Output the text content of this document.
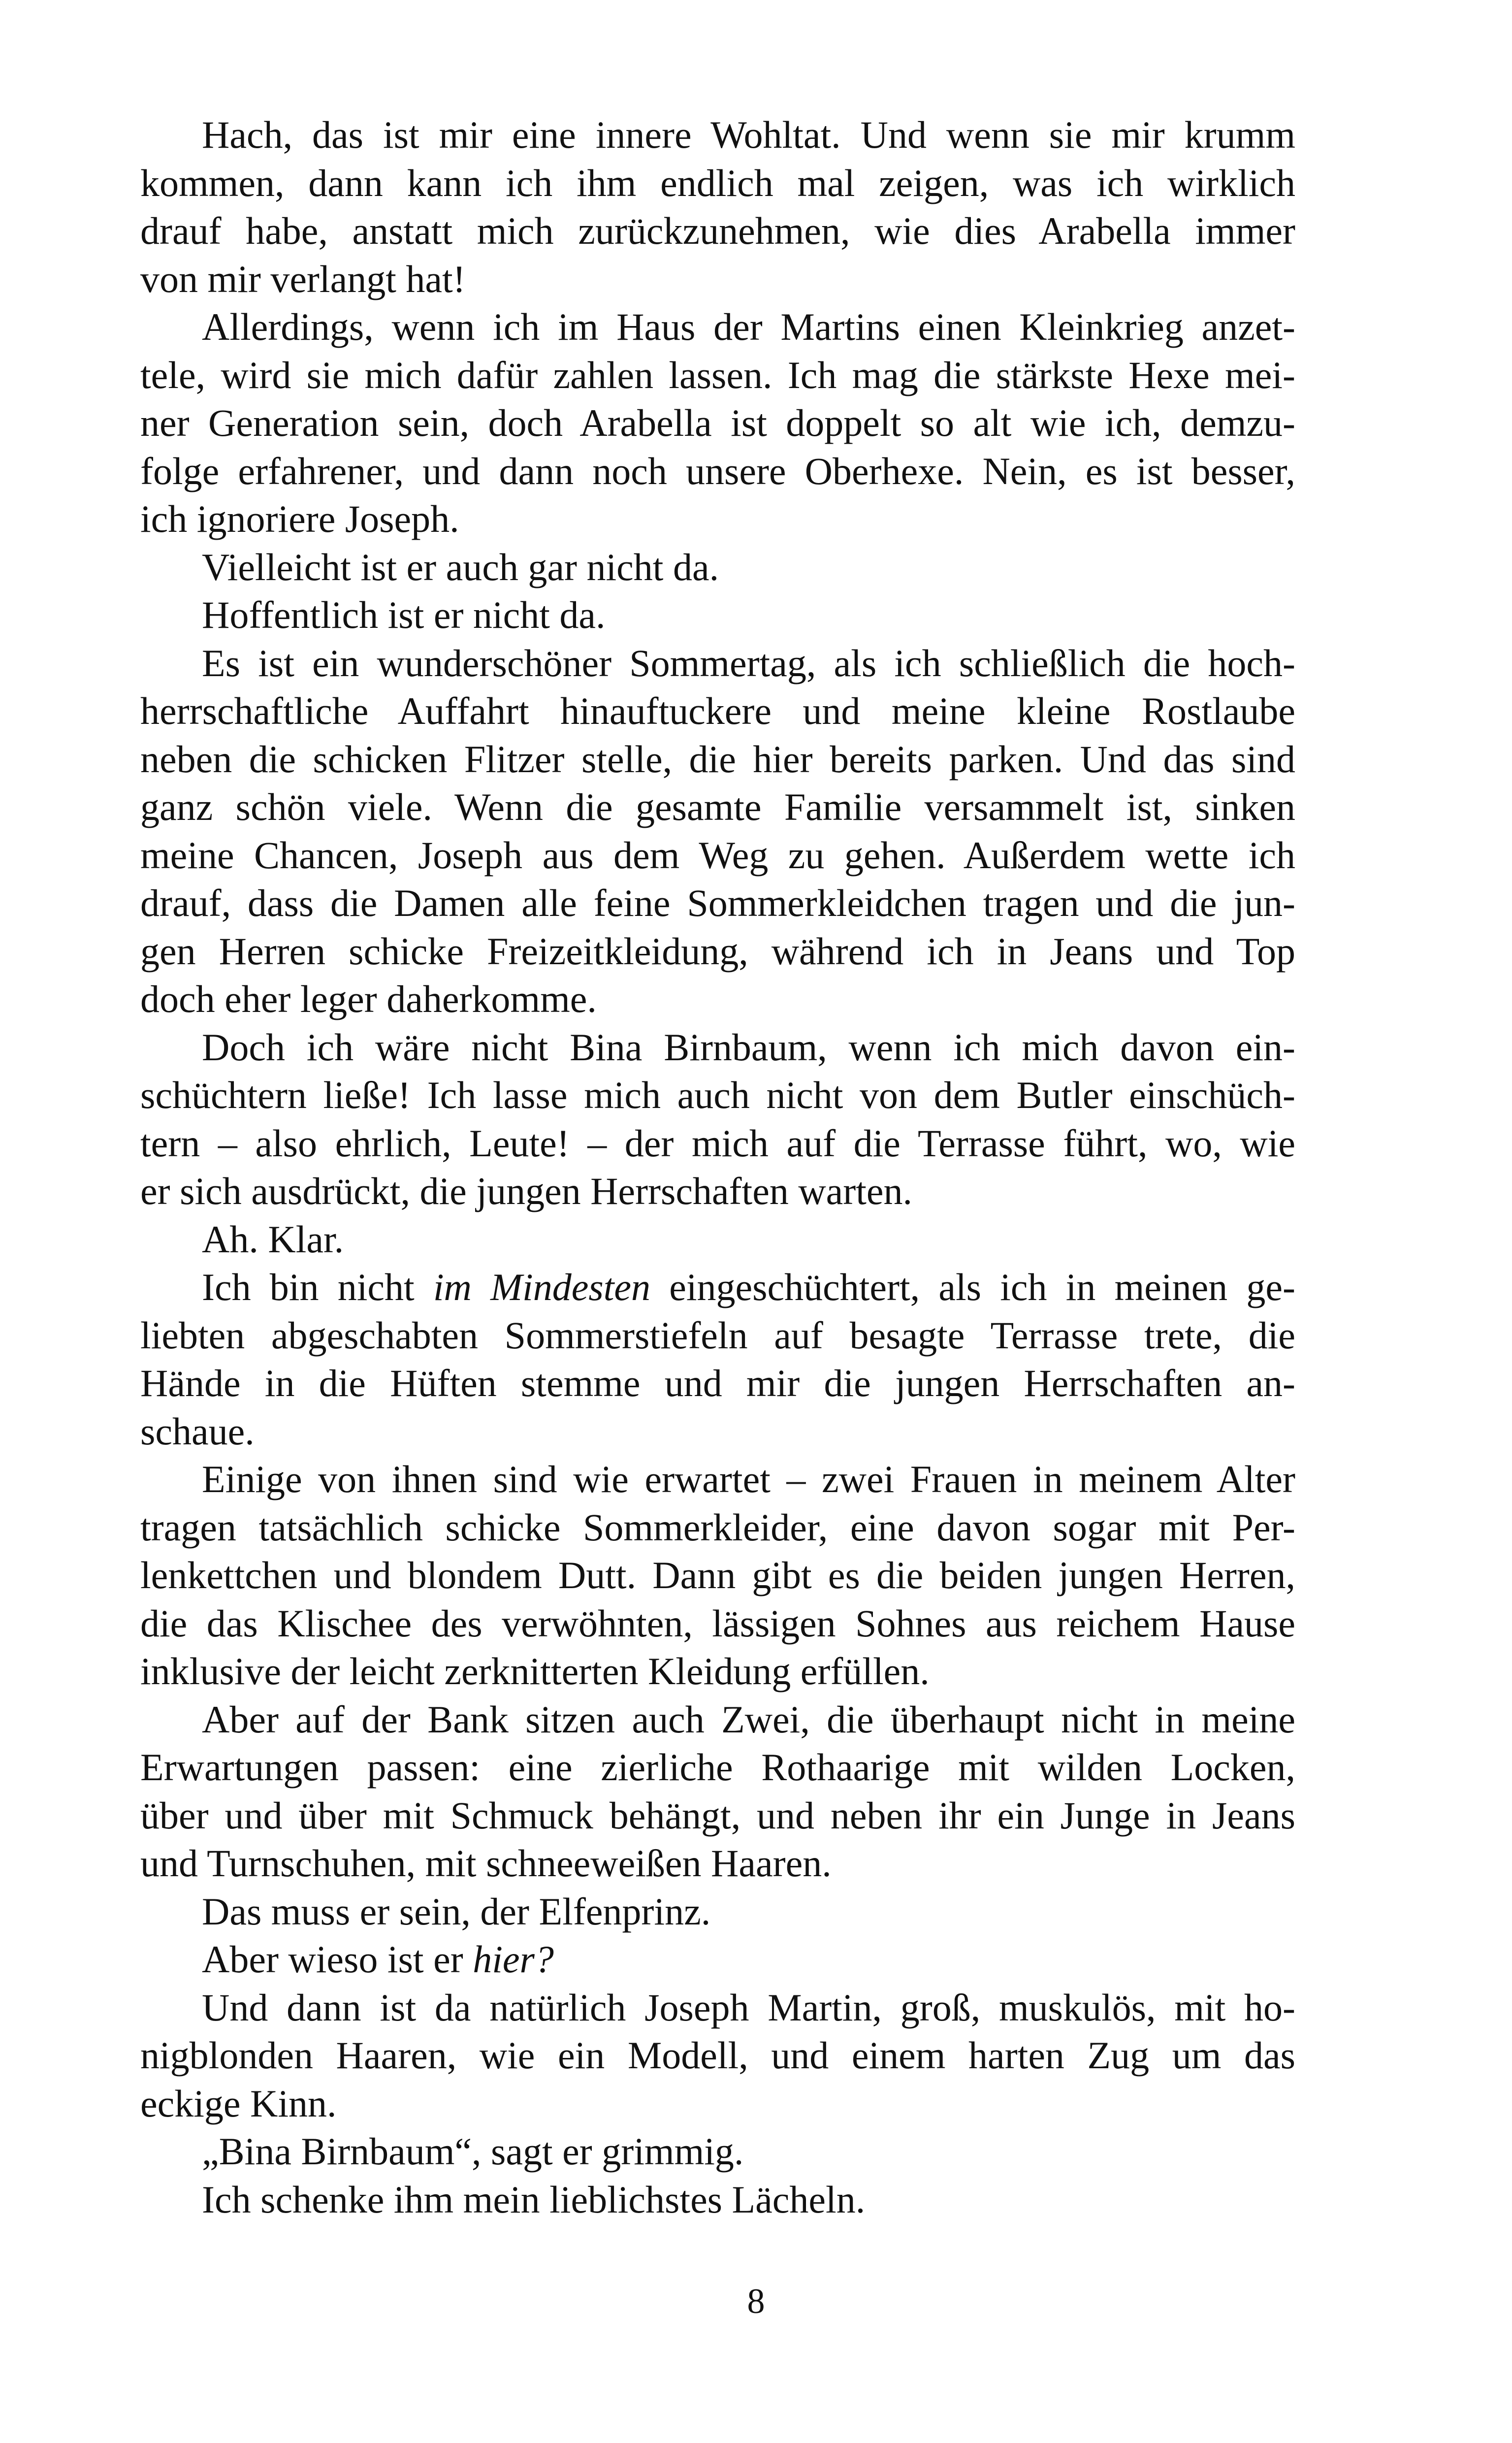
Hach, das ist mir eine innere Wohltat. Und wenn sie mir krumm
kommen, dann kann ich ihm endlich mal zeigen, was ich wirklich
drauf habe, anstatt mich zurückzunehmen, wie dies Arabella immer
von mir verlangt hat!
Allerdings, wenn ich im Haus der Martins einen Kleinkrieg anzet-
tele, wird sie mich dafür zahlen lassen. Ich mag die stärkste Hexe mei-
ner Generation sein, doch Arabella ist doppelt so alt wie ich, demzu-
folge erfahrener, und dann noch unsere Oberhexe. Nein, es ist besser,
ich ignoriere Joseph.
Vielleicht ist er auch gar nicht da.
Hoffentlich ist er nicht da.
Es ist ein wunderschöner Sommertag, als ich schließlich die hoch-
herrschaftliche Auffahrt hinauftuckere und meine kleine Rostlaube
neben die schicken Flitzer stelle, die hier bereits parken. Und das sind
ganz schön viele. Wenn die gesamte Familie versammelt ist, sinken
meine Chancen, Joseph aus dem Weg zu gehen. Außerdem wette ich
drauf, dass die Damen alle feine Sommerkleidchen tragen und die jun-
gen Herren schicke Freizeitkleidung, während ich in Jeans und Top
doch eher leger daherkomme.
Doch ich wäre nicht Bina Birnbaum, wenn ich mich davon ein-
schüchtern ließe! Ich lasse mich auch nicht von dem Butler einschüch-
tern – also ehrlich, Leute! – der mich auf die Terrasse führt, wo, wie
er sich ausdrückt, die jungen Herrschaften warten.
Ah. Klar.
Ich bin nicht im Mindesten eingeschüchtert, als ich in meinen ge-
liebten abgeschabten Sommerstiefeln auf besagte Terrasse trete, die
Hände in die Hüften stemme und mir die jungen Herrschaften an-
schaue.
Einige von ihnen sind wie erwartet – zwei Frauen in meinem Alter
tragen tatsächlich schicke Sommerkleider, eine davon sogar mit Per-
lenkettchen und blondem Dutt. Dann gibt es die beiden jungen Herren,
die das Klischee des verwöhnten, lässigen Sohnes aus reichem Hause
inklusive der leicht zerknitterten Kleidung erfüllen.
Aber auf der Bank sitzen auch Zwei, die überhaupt nicht in meine
Erwartungen passen: eine zierliche Rothaarige mit wilden Locken,
über und über mit Schmuck behängt, und neben ihr ein Junge in Jeans
und Turnschuhen, mit schneeweißen Haaren.
Das muss er sein, der Elfenprinz.
Aber wieso ist er hier?
Und dann ist da natürlich Joseph Martin, groß, muskulös, mit ho-
nigblonden Haaren, wie ein Modell, und einem harten Zug um das
eckige Kinn.
„Bina Birnbaum“, sagt er grimmig.
Ich schenke ihm mein lieblichstes Lächeln.
8
